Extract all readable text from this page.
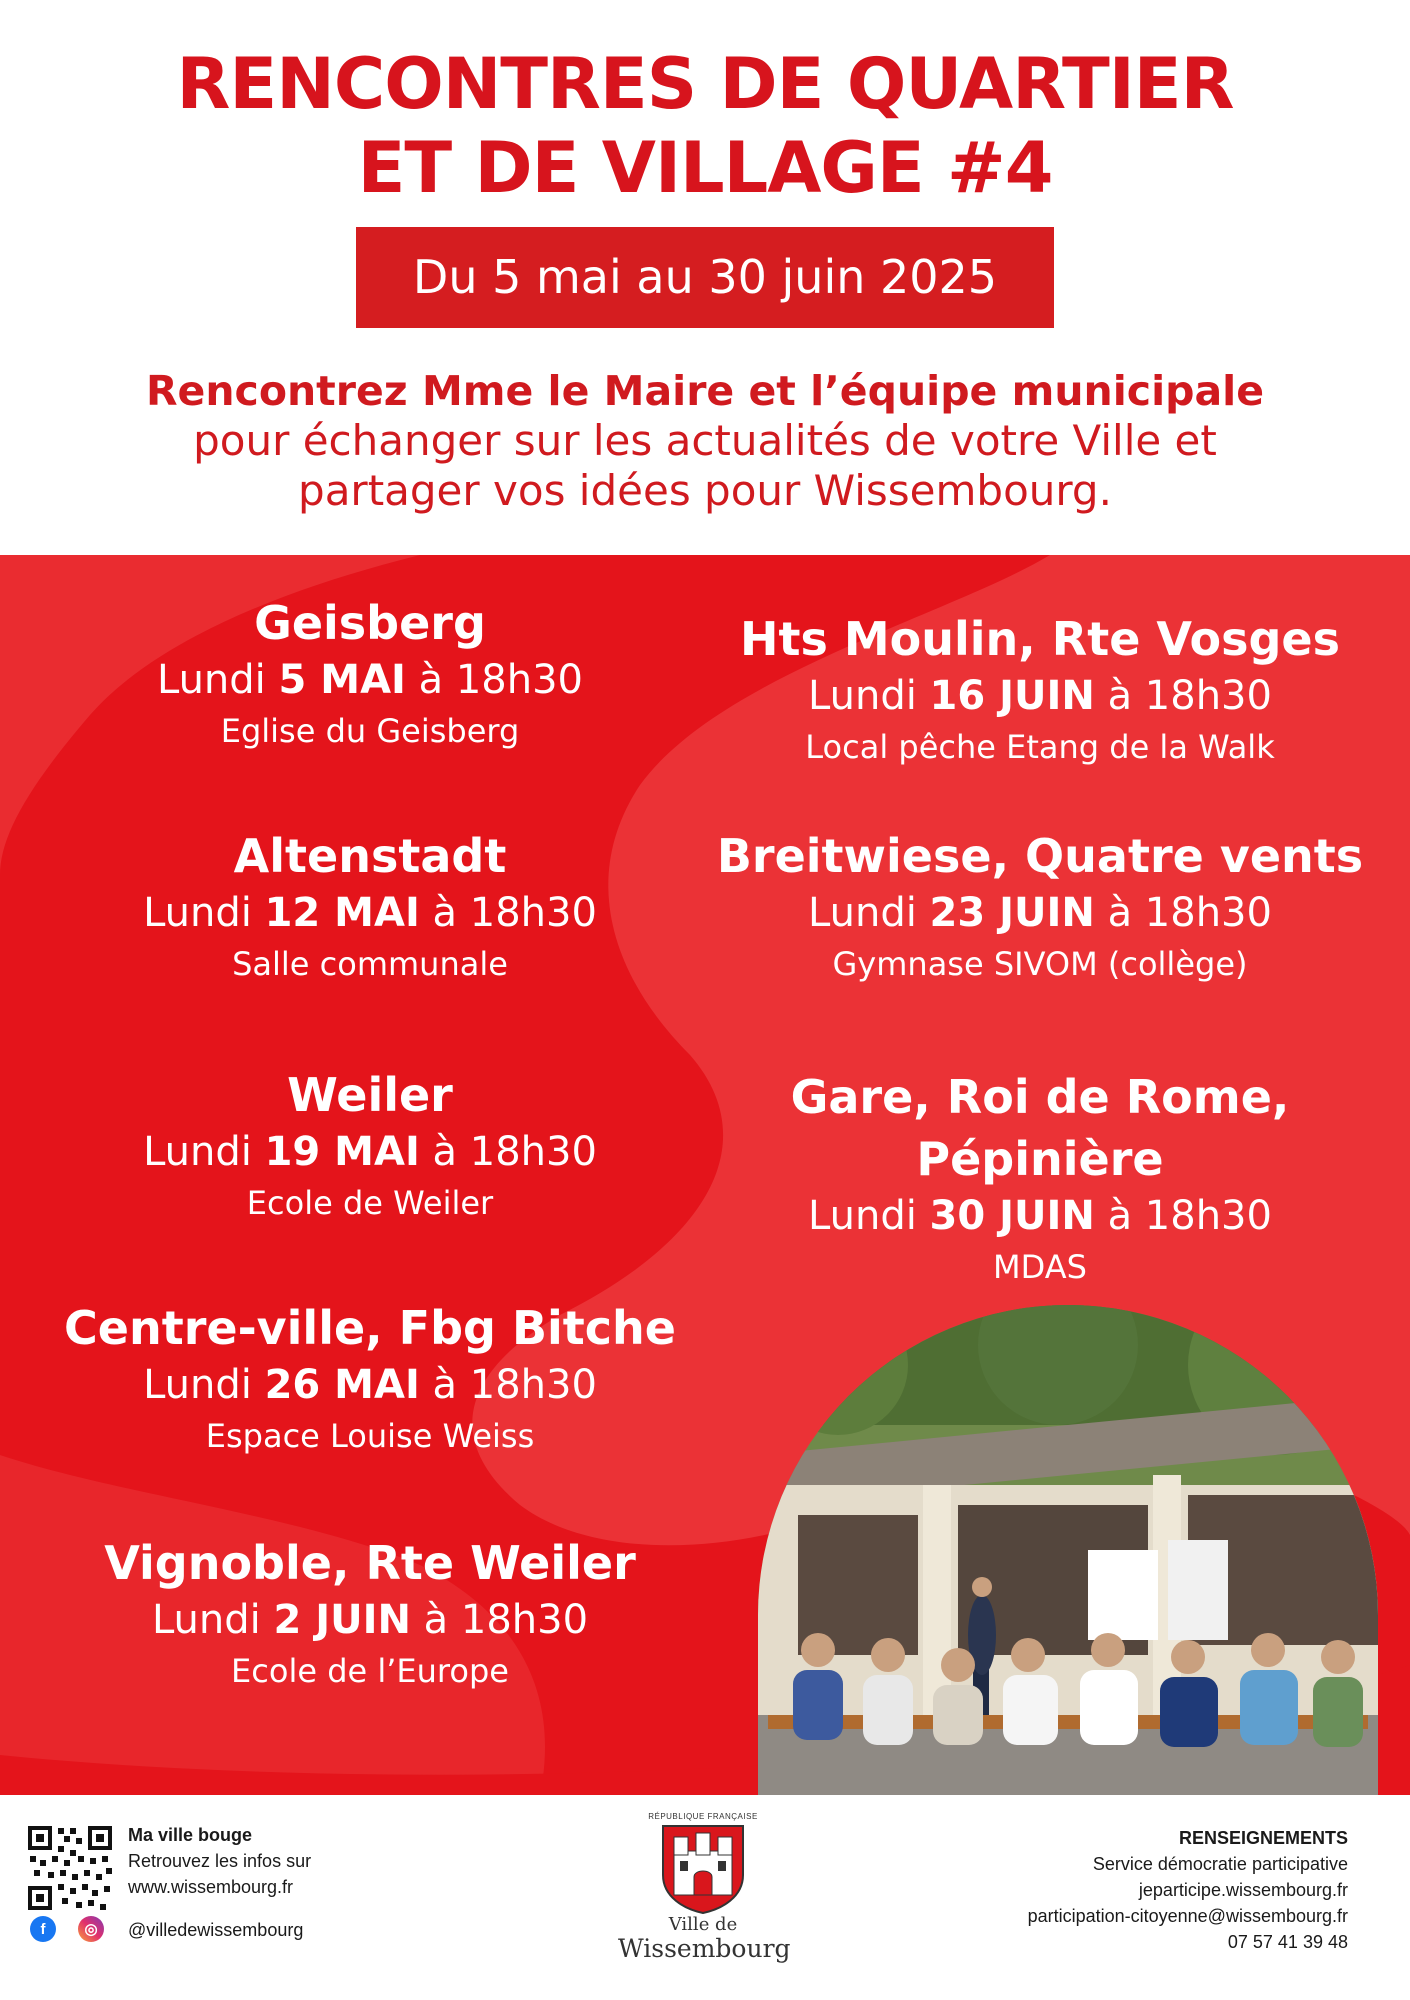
RENCONTRES DE QUARTIER
ET DE VILLAGE #4
Du 5 mai au 30 juin 2025
Rencontrez Mme le Maire et l’équipe municipale
pour échanger sur les actualités de votre Ville et
partager vos idées pour Wissembourg.
Geisberg
Lundi 5 MAI à 18h30
Eglise du Geisberg
Altenstadt
Lundi 12 MAI à 18h30
Salle communale
Weiler
Lundi 19 MAI à 18h30
Ecole de Weiler
Centre-ville, Fbg Bitche
Lundi 26 MAI à 18h30
Espace Louise Weiss
Vignoble, Rte Weiler
Lundi 2 JUIN à 18h30
Ecole de l’Europe
Hts Moulin, Rte Vosges
Lundi 16 JUIN à 18h30
Local pêche Etang de la Walk
Breitwiese, Quatre vents
Lundi 23 JUIN à 18h30
Gymnase SIVOM (collège)
Gare, Roi de Rome,
Pépinière
Lundi 30 JUIN à 18h30
MDAS
Ma ville bouge
Retrouvez les infos sur
www.wissembourg.fr
f	◎	@villedewissembourg
RÉPUBLIQUE FRANÇAISE
Ville de
Wissembourg
RENSEIGNEMENTS
Service démocratie participative
jeparticipe.wissembourg.fr
participation-citoyenne@wissembourg.fr
07 57 41 39 48
